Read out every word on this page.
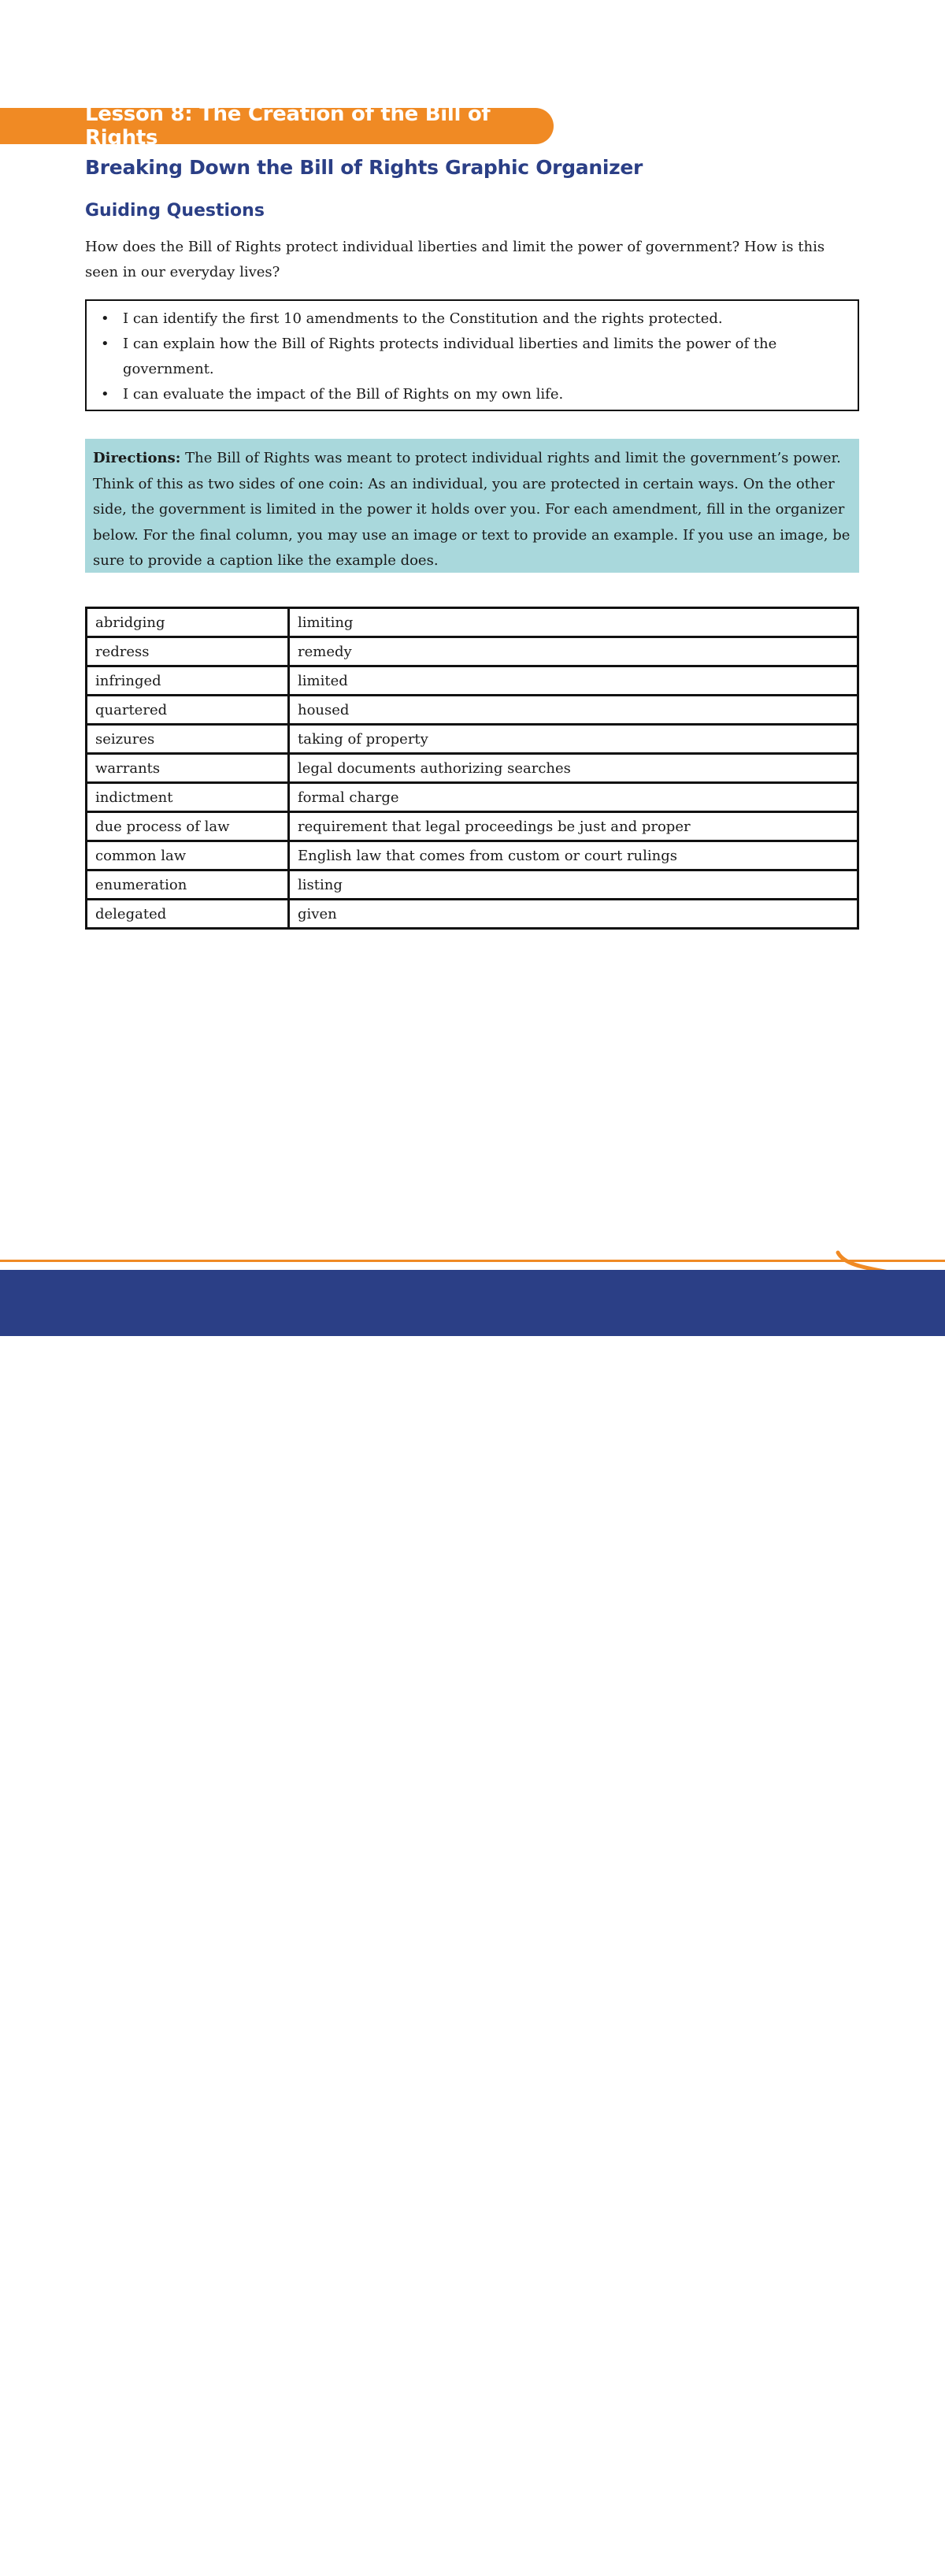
Lesson 8: The Creation of the Bill of Rights
Breaking Down the Bill of Rights Graphic Organizer
Guiding Questions

How does the Bill of Rights protect individual liberties and limit the power of government? How is this seen in our everyday lives?

• I can identify the first 10 amendments to the Constitution and the rights protected.
• I can explain how the Bill of Rights protects individual liberties and limits the power of the government.
• I can evaluate the impact of the Bill of Rights on my own life.
Directions: The Bill of Rights was meant to protect individual rights and limit the government’s power. Think of this as two sides of one coin: As an individual, you are protected in certain ways. On the other side, the government is limited in the power it holds over you. For each amendment, fill in the organizer below. For the final column, you may use an image or text to provide an example. If you use an image, be sure to provide a caption like the example does.
abridging	limiting
redress	remedy
infringed	limited
quartered	housed
seizures	taking of property
warrants	legal documents authorizing searches
indictment	formal charge
due process of law	requirement that legal proceedings be just and proper
common law	English law that comes from custom or court rulings
enumeration	listing
delegated	given
mybri.org >> Being an American >> Lesson 8: The Creation of the Bill of Rights >> Breaking Down the Bill of Rights Graphic Organizer
